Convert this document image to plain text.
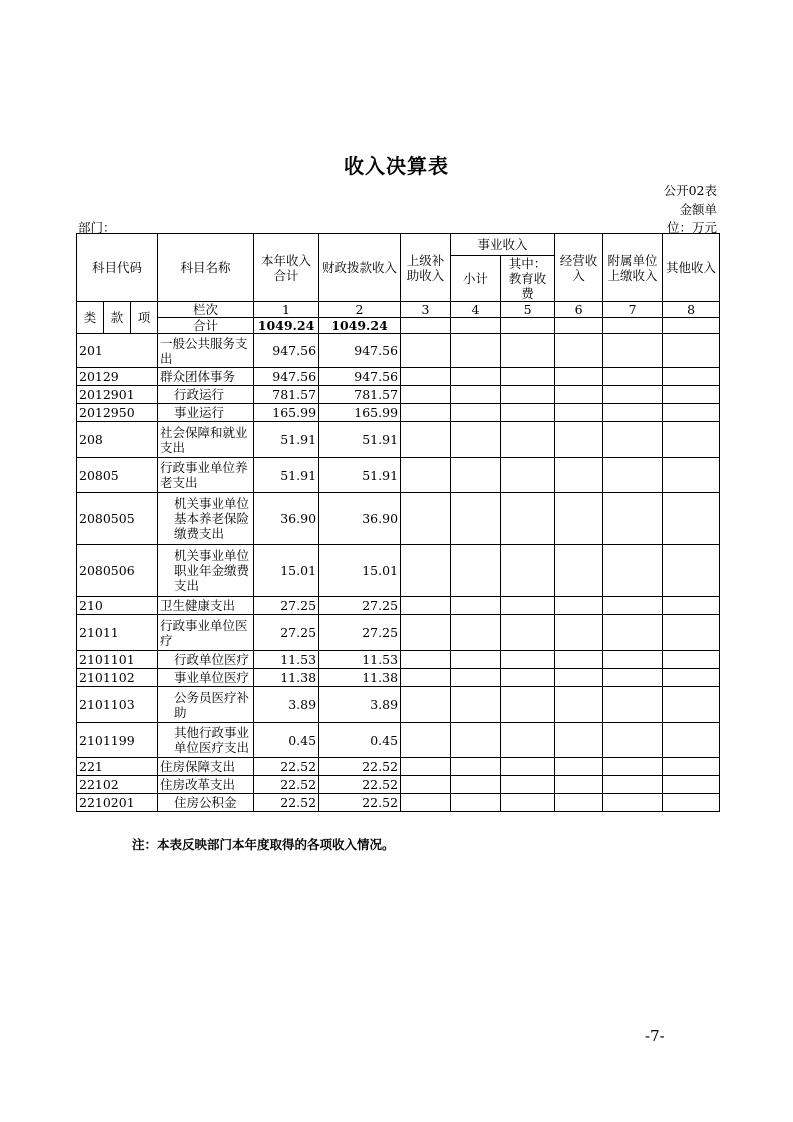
收入决算表
公开02表
金额单
位：万元
部门：
科目代码			科目名称	本年收入合计	财政拨款收入	上级补助收入	事业收入		经营收入	附属单位上缴收入	其他收入
							小计	其中：教育收费			

类	款	项	栏次	1	2	3	4	5	6	7	8
			合计	1049.24	1049.24						
201			一般公共服务支出	947.56	947.56						
20129			群众团体事务	947.56	947.56						
2012901			行政运行	781.57	781.57						
2012950			事业运行	165.99	165.99						
208			社会保障和就业支出	51.91	51.91						
20805			行政事业单位养老支出	51.91	51.91						
2080505			机关事业单位基本养老保险缴费支出	36.90	36.90						
2080506			机关事业单位职业年金缴费支出	15.01	15.01						
210			卫生健康支出	27.25	27.25						
21011			行政事业单位医疗	27.25	27.25						
2101101			行政单位医疗	11.53	11.53						
2101102			事业单位医疗	11.38	11.38						
2101103			公务员医疗补助	3.89	3.89						
2101199			其他行政事业单位医疗支出	0.45	0.45						
221			住房保障支出	22.52	22.52						
22102			住房改革支出	22.52	22.52						
2210201			住房公积金	22.52	22.52						
注：本表反映部门本年度取得的各项收入情况。
-7-
